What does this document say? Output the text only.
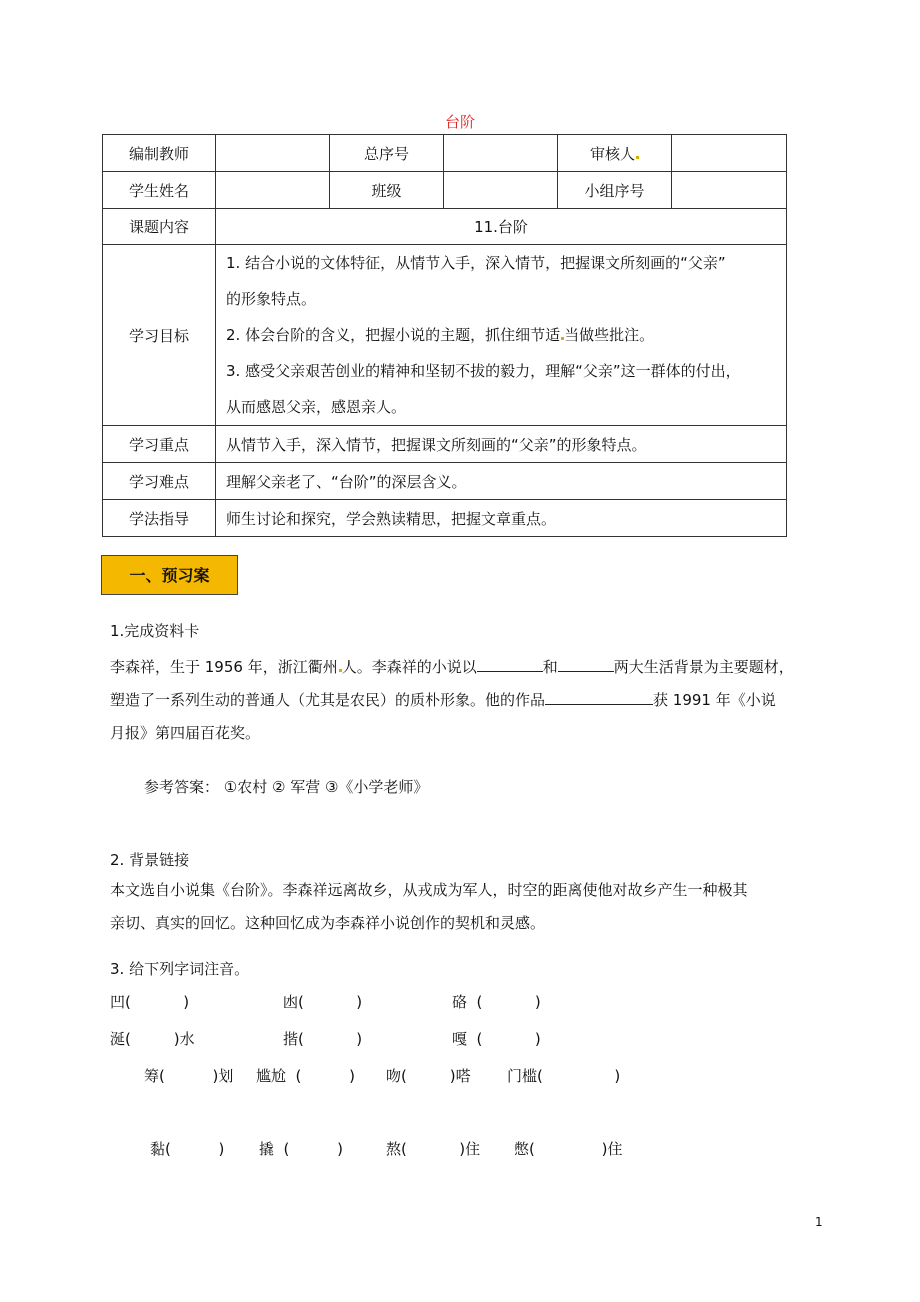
台阶
编制教师		总序号		审核人	
学生姓名		班级		小组序号	
课题内容	11.台阶				
学习目标	1. 结合小说的文体特征，从情节入手，深入情节，把握课文所刻画的“父亲”

的形象特点。

2. 体会台阶的含义，把握小说的主题，抓住细节适 当做些批注。

3. 感受父亲艰苦创业的精神和坚韧不拔的毅力，理解“父亲”这一群体的付出，

从而感恩父亲，感恩亲人。				

学习重点	从情节入手，深入情节，把握课文所刻画的“父亲”的形象特点。				
学习难点	理解父亲老了、“台阶”的深层含义。				
学法指导	师生讨论和探究，学会熟读精思，把握文章重点。				
一、预习案

1.完成资料卡

李森祥，生于 1956 年，浙江衢州 人。李森祥的小说以	和	两大生活背景为主要题材，
塑造了一系列生动的普通人（尤其是农民）的质朴形象。他的作品	获 1991 年《小说
月报》第四届百花奖。
参考答案： ①农村 ② 军营 ③《小学老师》

2. 背景链接

本文选自小说集《台阶》。李森祥远离故乡，从戎成为军人，时空的距离使他对故乡产生一种极其
亲切、真实的回忆。这种回忆成为李森祥小说创作的契机和灵感。

3. 给下列字词注音。

凹(           )	凼(           )	硌  (           )
涎(         )水	揩(           )	嘎  (           )
筹(          )划 尴尬  (          ) 吻(         )嗒 门槛(               )
黏(          ) 撬  (          )	熬(           )住 憋(              )住
1
